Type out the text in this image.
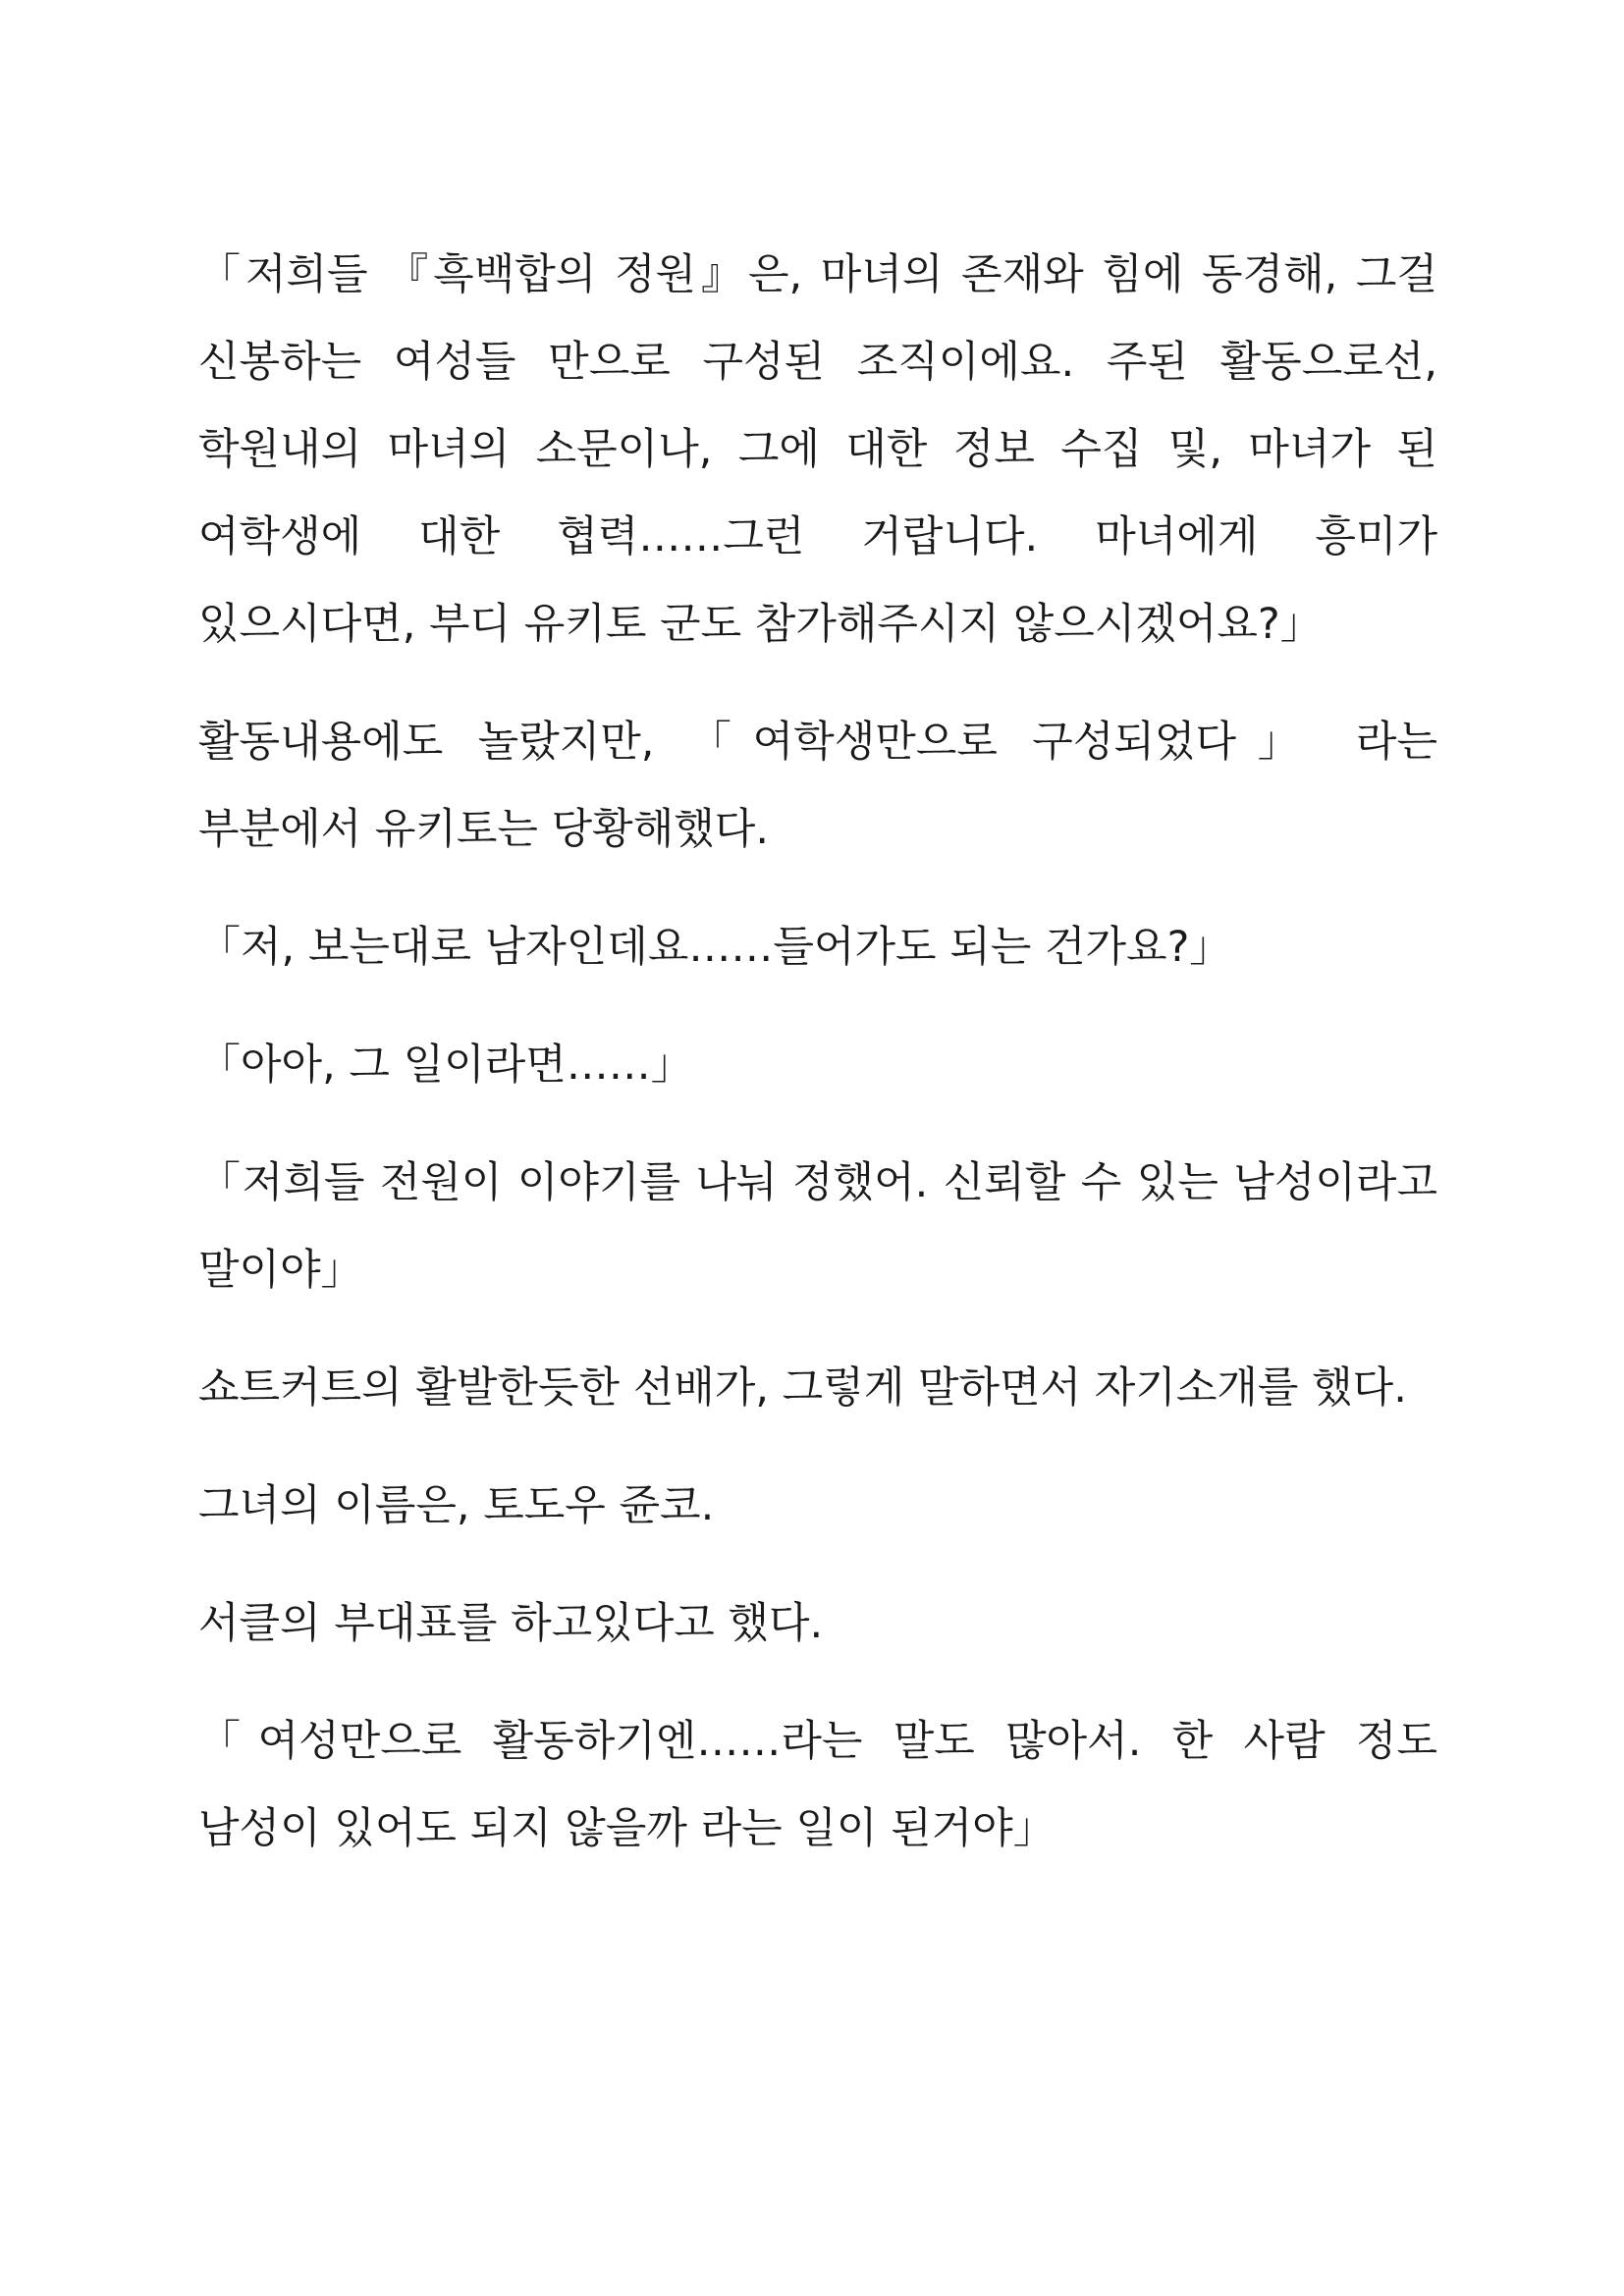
「저희들 『흑백합의 정원』은, 마녀의 존재와 힘에 동경해, 그걸 신봉하는 여성들 만으로 구성된 조직이에요. 주된 활동으로선, 학원내의 마녀의 소문이나, 그에 대한 정보 수집 및, 마녀가 된 여학생에 대한 협력……그런 거랍니다. 마녀에게 흥미가 있으시다면, 부디 유키토 군도 참가해주시지 않으시겠어요?」

활동내용에도 놀랐지만, 「여학생만으로 구성되었다」 라는 부분에서 유키토는 당황해했다.

「저, 보는대로 남자인데요……들어가도 되는 건가요?」

「아아, 그 일이라면……」

「저희들 전원이 이야기를 나눠 정했어. 신뢰할 수 있는 남성이라고 말이야」

쇼트커트의 활발한듯한 선배가, 그렇게 말하면서 자기소개를 했다.

그녀의 이름은, 토도우 쥰코.

서클의 부대표를 하고있다고 했다.

「여성만으로 활동하기엔……라는 말도 많아서. 한 사람 정도 남성이 있어도 되지 않을까 라는 일이 된거야」
